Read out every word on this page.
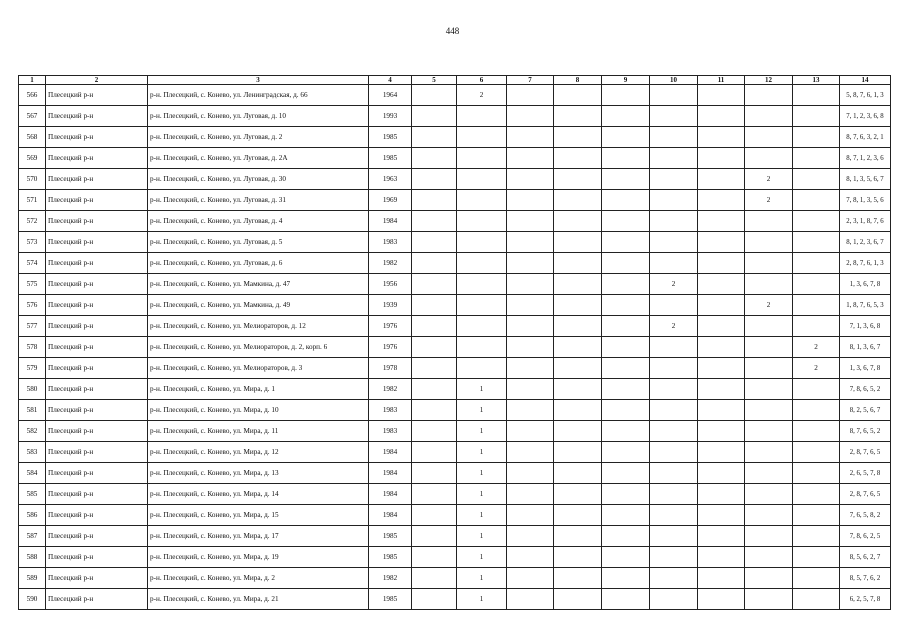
448
1	2	3	4	5	6	7	8	9	10	11	12	13	14
566	Плесецкий р-н	р-н. Плесецкий, с. Конево, ул. Ленинградская, д. 66	1964		2								5, 8, 7, 6, 1, 3
567	Плесецкий р-н	р-н. Плесецкий, с. Конево, ул. Луговая, д. 10	1993										7, 1, 2, 3, 6, 8
568	Плесецкий р-н	р-н. Плесецкий, с. Конево, ул. Луговая, д. 2	1985										8, 7, 6, 3, 2, 1
569	Плесецкий р-н	р-н. Плесецкий, с. Конево, ул. Луговая, д. 2А	1985										8, 7, 1, 2, 3, 6
570	Плесецкий р-н	р-н. Плесецкий, с. Конево, ул. Луговая, д. 30	1963								2		8, 1, 3, 5, 6, 7
571	Плесецкий р-н	р-н. Плесецкий, с. Конево, ул. Луговая, д. 31	1969								2		7, 8, 1, 3, 5, 6
572	Плесецкий р-н	р-н. Плесецкий, с. Конево, ул. Луговая, д. 4	1984										2, 3, 1, 8, 7, 6
573	Плесецкий р-н	р-н. Плесецкий, с. Конево, ул. Луговая, д. 5	1983										8, 1, 2, 3, 6, 7
574	Плесецкий р-н	р-н. Плесецкий, с. Конево, ул. Луговая, д. 6	1982										2, 8, 7, 6, 1, 3
575	Плесецкий р-н	р-н. Плесецкий, с. Конево, ул. Мамкина, д. 47	1956						2				1, 3, 6, 7, 8
576	Плесецкий р-н	р-н. Плесецкий, с. Конево, ул. Мамкина, д. 49	1939								2		1, 8, 7, 6, 5, 3
577	Плесецкий р-н	р-н. Плесецкий, с. Конево, ул. Мелиораторов, д. 12	1976						2				7, 1, 3, 6, 8
578	Плесецкий р-н	р-н. Плесецкий, с. Конево, ул. Мелиораторов, д. 2, корп. 6	1976									2	8, 1, 3, 6, 7
579	Плесецкий р-н	р-н. Плесецкий, с. Конево, ул. Мелиораторов, д. 3	1978									2	1, 3, 6, 7, 8
580	Плесецкий р-н	р-н. Плесецкий, с. Конево, ул. Мира, д. 1	1982		1								7, 8, 6, 5, 2
581	Плесецкий р-н	р-н. Плесецкий, с. Конево, ул. Мира, д. 10	1983		1								8, 2, 5, 6, 7
582	Плесецкий р-н	р-н. Плесецкий, с. Конево, ул. Мира, д. 11	1983		1								8, 7, 6, 5, 2
583	Плесецкий р-н	р-н. Плесецкий, с. Конево, ул. Мира, д. 12	1984		1								2, 8, 7, 6, 5
584	Плесецкий р-н	р-н. Плесецкий, с. Конево, ул. Мира, д. 13	1984		1								2, 6, 5, 7, 8
585	Плесецкий р-н	р-н. Плесецкий, с. Конево, ул. Мира, д. 14	1984		1								2, 8, 7, 6, 5
586	Плесецкий р-н	р-н. Плесецкий, с. Конево, ул. Мира, д. 15	1984		1								7, 6, 5, 8, 2
587	Плесецкий р-н	р-н. Плесецкий, с. Конево, ул. Мира, д. 17	1985		1								7, 8, 6, 2, 5
588	Плесецкий р-н	р-н. Плесецкий, с. Конево, ул. Мира, д. 19	1985		1								8, 5, 6, 2, 7
589	Плесецкий р-н	р-н. Плесецкий, с. Конево, ул. Мира, д. 2	1982		1								8, 5, 7, 6, 2
590	Плесецкий р-н	р-н. Плесецкий, с. Конево, ул. Мира, д. 21	1985		1								6, 2, 5, 7, 8
